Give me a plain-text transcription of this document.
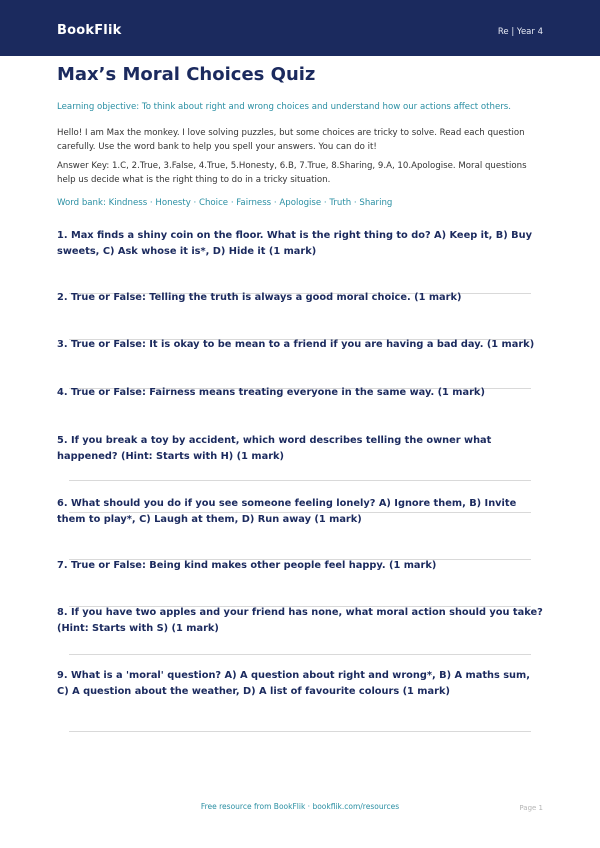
BookFlik	Re | Year 4
Max’s Moral Choices Quiz
Learning objective: To think about right and wrong choices and understand how our actions affect others.
Hello! I am Max the monkey. I love solving puzzles, but some choices are tricky to solve. Read each question carefully. Use the word bank to help you spell your answers. You can do it!
Answer Key: 1.C, 2.True, 3.False, 4.True, 5.Honesty, 6.B, 7.True, 8.Sharing, 9.A, 10.Apologise. Moral questions help us decide what is the right thing to do in a tricky situation.
Word bank: Kindness · Honesty · Choice · Fairness · Apologise · Truth · Sharing
1. Max finds a shiny coin on the floor. What is the right thing to do? A) Keep it, B) Buy sweets, C) Ask whose it is*, D) Hide it (1 mark)
2. True or False: Telling the truth is always a good moral choice. (1 mark)
3. True or False: It is okay to be mean to a friend if you are having a bad day. (1 mark)
4. True or False: Fairness means treating everyone in the same way. (1 mark)
5. If you break a toy by accident, which word describes telling the owner what happened? (Hint: Starts with H) (1 mark)
6. What should you do if you see someone feeling lonely? A) Ignore them, B) Invite them to play*, C) Laugh at them, D) Run away (1 mark)
7. True or False: Being kind makes other people feel happy. (1 mark)
8. If you have two apples and your friend has none, what moral action should you take? (Hint: Starts with S) (1 mark)
9. What is a 'moral' question? A) A question about right and wrong*, B) A maths sum, C) A question about the weather, D) A list of favourite colours (1 mark)
Free resource from BookFlik · bookflik.com/resources	Page 1
